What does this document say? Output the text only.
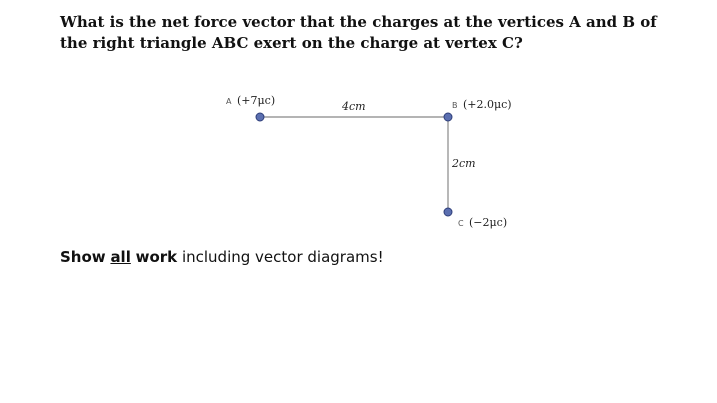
What is the net force vector that the charges at the vertices A and B of the right triangle ABC exert on the charge at vertex C?

A (+7μc)	B (+2.0μc)
C (−2μc)
4cm
2cm

Show all work including vector diagrams!
